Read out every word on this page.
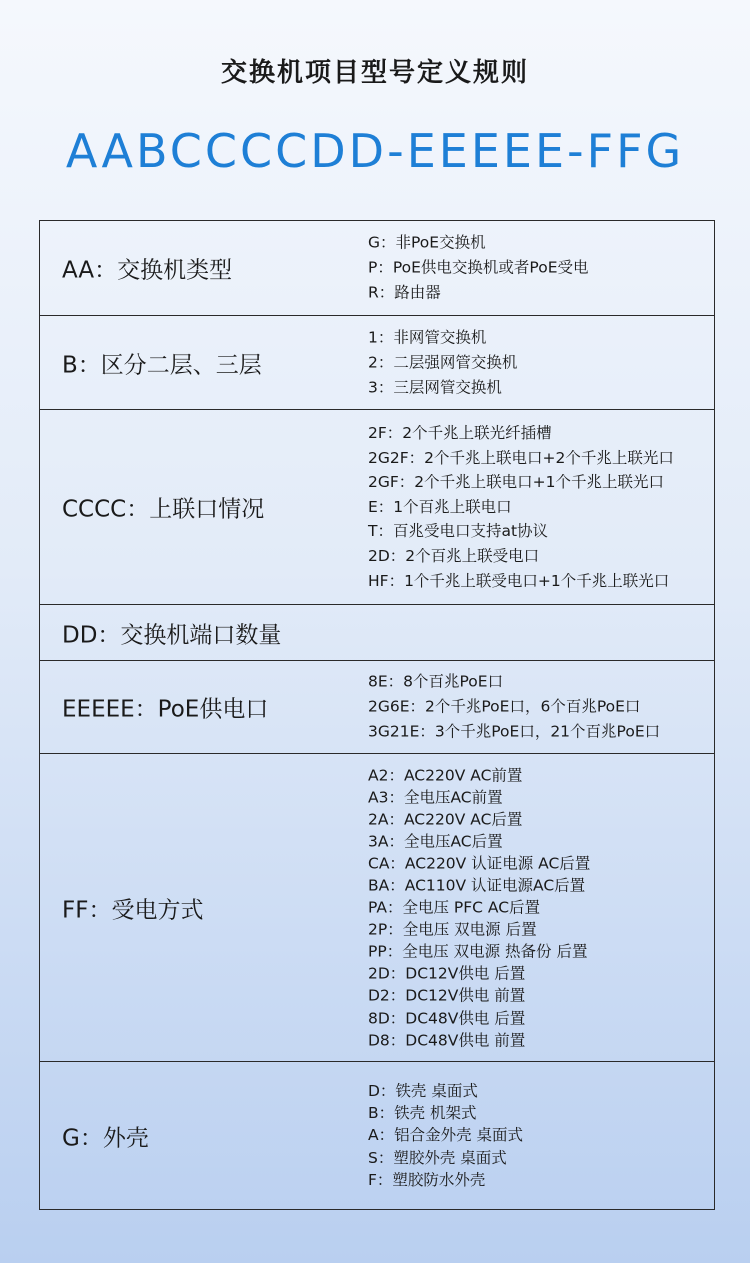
交换机项目型号定义规则
AABCCCCDD-EEEEE-FFG
AA：交换机类型
G：非PoE交换机
P：PoE供电交换机或者PoE受电
R：路由器
B：区分二层、三层
1：非网管交换机
2：二层强网管交换机
3：三层网管交换机
CCCC：上联口情况
2F：2个千兆上联光纤插槽
2G2F：2个千兆上联电口+2个千兆上联光口
2GF：2个千兆上联电口+1个千兆上联光口
E：1个百兆上联电口
T：百兆受电口支持at协议
2D：2个百兆上联受电口
HF：1个千兆上联受电口+1个千兆上联光口
DD：交换机端口数量
EEEEE：PoE供电口
8E：8个百兆PoE口
2G6E：2个千兆PoE口，6个百兆PoE口
3G21E：3个千兆PoE口，21个百兆PoE口
FF：受电方式
A2：AC220V AC前置
A3：全电压AC前置
2A：AC220V AC后置
3A：全电压AC后置
CA：AC220V 认证电源 AC后置
BA：AC110V 认证电源AC后置
PA：全电压 PFC AC后置
2P：全电压 双电源 后置
PP：全电压 双电源 热备份 后置
2D：DC12V供电 后置
D2：DC12V供电 前置
8D：DC48V供电 后置
D8：DC48V供电 前置
G：外壳
D：铁壳 桌面式
B：铁壳 机架式
A：铝合金外壳 桌面式
S：塑胶外壳 桌面式
F：塑胶防水外壳
